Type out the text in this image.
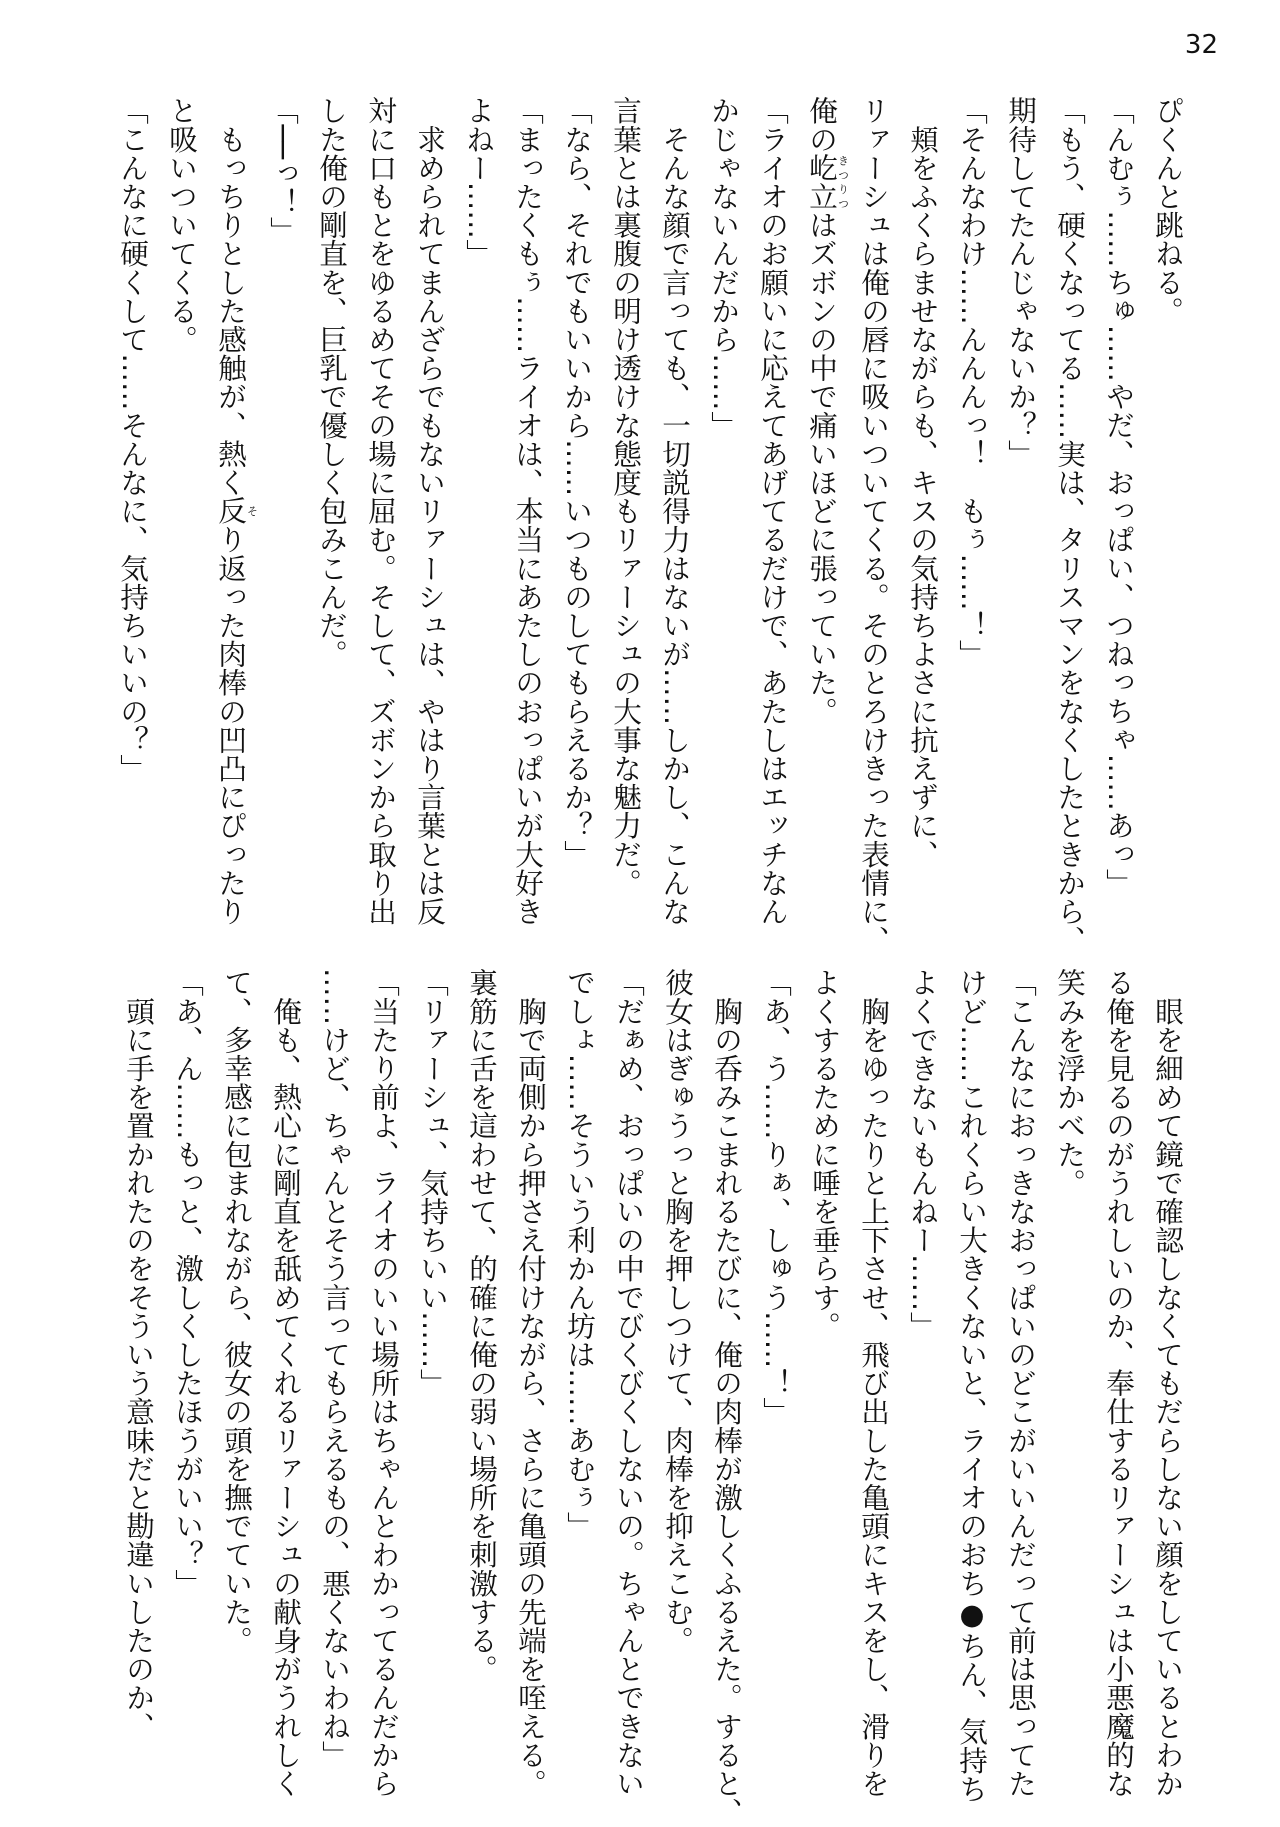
32
ぴくんと跳ねる。
「んむぅ……ちゅ……やだ、おっぱい、つねっちゃ……あっ」
「もう、硬くなってる……実は、タリスマンをなくしたときから、
期待してたんじゃないか？」
「そんなわけ……んんんっ！　もぅ……！」
　頬をふくらませながらも、キスの気持ちよさに抗えずに、
リァーシュは俺の唇に吸いついてくる。そのとろけきった表情に、
俺の屹立きつりつはズボンの中で痛いほどに張っていた。
「ライオのお願いに応えてあげてるだけで、あたしはエッチなん
かじゃないんだから……」
　そんな顔で言っても、一切説得力はないが……しかし、こんな
言葉とは裏腹の明け透けな態度もリァーシュの大事な魅力だ。
「なら、それでもいいから……いつものしてもらえるか？」
「まったくもぅ……ライオは、本当にあたしのおっぱいが大好き
よねー……」
　求められてまんざらでもないリァーシュは、やはり言葉とは反
対に口もとをゆるめてその場に屈む。そして、ズボンから取り出
した俺の剛直を、巨乳で優しく包みこんだ。
「──っ！」
　もっちりとした感触が、熱く反そり返った肉棒の凹凸にぴったり
と吸いついてくる。
「こんなに硬くして……そんなに、気持ちいいの？」
　眼を細めて鏡で確認しなくてもだらしない顔をしているとわか
る俺を見るのがうれしいのか、奉仕するリァーシュは小悪魔的な
笑みを浮かべた。
「こんなにおっきなおっぱいのどこがいいんだって前は思ってた
けど……これくらい大きくないと、ライオのおち●ちん、気持ち
よくできないもんねー……」
　胸をゆったりと上下させ、飛び出した亀頭にキスをし、滑りを
よくするために唾を垂らす。
「あ、う……りぁ、しゅう……！」
　胸の呑みこまれるたびに、俺の肉棒が激しくふるえた。すると、
彼女はぎゅうっと胸を押しつけて、肉棒を抑えこむ。
「だぁめ、おっぱいの中でびくびくしないの。ちゃんとできない
でしょ……そういう利かん坊は……あむぅ」
　胸で両側から押さえ付けながら、さらに亀頭の先端を咥える。
裏筋に舌を這わせて、的確に俺の弱い場所を刺激する。
「リァーシュ、気持ちいい……」
「当たり前よ、ライオのいい場所はちゃんとわかってるんだから
……けど、ちゃんとそう言ってもらえるもの、悪くないわね」
　俺も、熱心に剛直を舐めてくれるリァーシュの献身がうれしく
て、多幸感に包まれながら、彼女の頭を撫でていた。
「あ、ん……もっと、激しくしたほうがいい？」
　頭に手を置かれたのをそういう意味だと勘違いしたのか、
